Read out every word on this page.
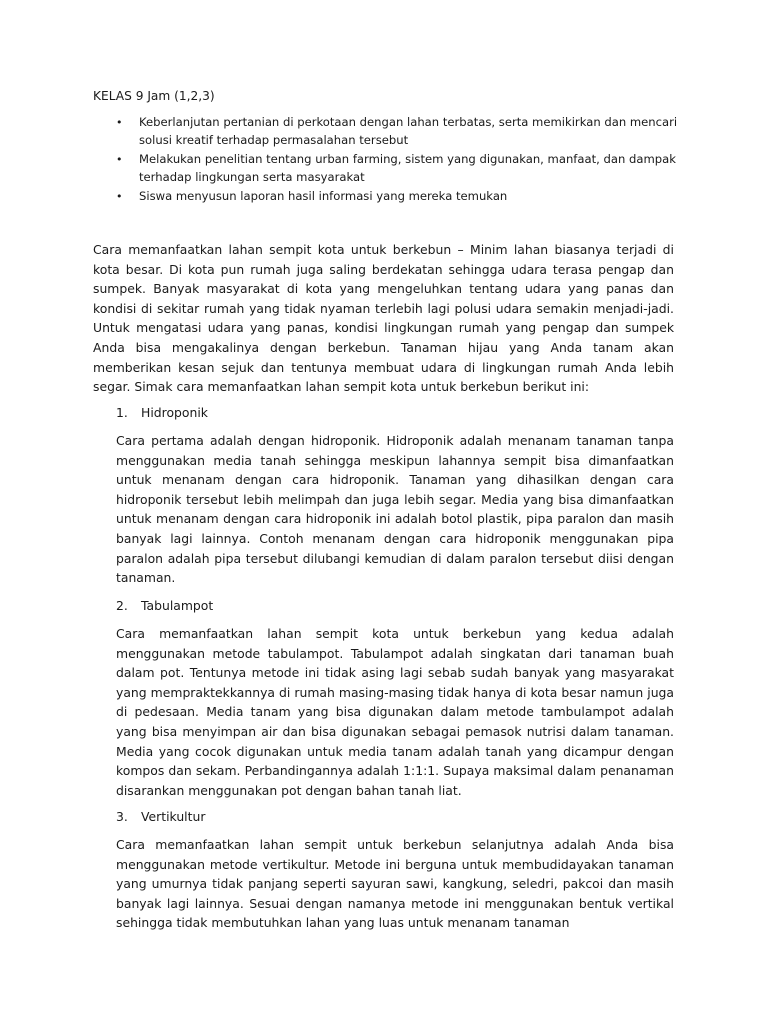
KELAS 9 Jam (1,2,3)
• Keberlanjutan pertanian di perkotaan dengan lahan terbatas, serta memikirkan dan mencari solusi kreatif terhadap permasalahan tersebut
• Melakukan penelitian tentang urban farming, sistem yang digunakan, manfaat, dan dampak terhadap lingkungan serta masyarakat
• Siswa menyusun laporan hasil informasi yang mereka temukan

Cara memanfaatkan lahan sempit kota untuk berkebun – Minim lahan biasanya terjadi di kota besar. Di kota pun rumah juga saling berdekatan sehingga udara terasa pengap dan sumpek. Banyak masyarakat di kota yang mengeluhkan tentang udara yang panas dan kondisi di sekitar rumah yang tidak nyaman terlebih lagi polusi udara semakin menjadi-jadi. Untuk mengatasi udara yang panas, kondisi lingkungan rumah yang pengap dan sumpek Anda bisa mengakalinya dengan berkebun. Tanaman hijau yang Anda tanam akan memberikan kesan sejuk dan tentunya membuat udara di lingkungan rumah Anda lebih segar. Simak cara memanfaatkan lahan sempit kota untuk berkebun berikut ini:

1. Hidroponik

Cara pertama adalah dengan hidroponik. Hidroponik adalah menanam tanaman tanpa menggunakan media tanah sehingga meskipun lahannya sempit bisa dimanfaatkan untuk menanam dengan cara hidroponik. Tanaman yang dihasilkan dengan cara hidroponik tersebut lebih melimpah dan juga lebih segar. Media yang bisa dimanfaatkan untuk menanam dengan cara hidroponik ini adalah botol plastik, pipa paralon dan masih banyak lagi lainnya. Contoh menanam dengan cara hidroponik menggunakan pipa paralon adalah pipa tersebut dilubangi kemudian di dalam paralon tersebut diisi dengan tanaman.

2. Tabulampot

Cara memanfaatkan lahan sempit kota untuk berkebun yang kedua adalah menggunakan metode tabulampot. Tabulampot adalah singkatan dari tanaman buah dalam pot. Tentunya metode ini tidak asing lagi sebab sudah banyak yang masyarakat yang mempraktekkannya di rumah masing-masing tidak hanya di kota besar namun juga di pedesaan. Media tanam yang bisa digunakan dalam metode tambulampot adalah yang bisa menyimpan air dan bisa digunakan sebagai pemasok nutrisi dalam tanaman. Media yang cocok digunakan untuk media tanam adalah tanah yang dicampur dengan kompos dan sekam. Perbandingannya adalah 1:1:1. Supaya maksimal dalam penanaman disarankan menggunakan pot dengan bahan tanah liat.

3. Vertikultur

Cara memanfaatkan lahan sempit untuk berkebun selanjutnya adalah Anda bisa menggunakan metode vertikultur. Metode ini berguna untuk membudidayakan tanaman yang umurnya tidak panjang seperti sayuran sawi, kangkung, seledri, pakcoi dan masih banyak lagi lainnya. Sesuai dengan namanya metode ini menggunakan bentuk vertikal sehingga tidak membutuhkan lahan yang luas untuk menanam tanaman
